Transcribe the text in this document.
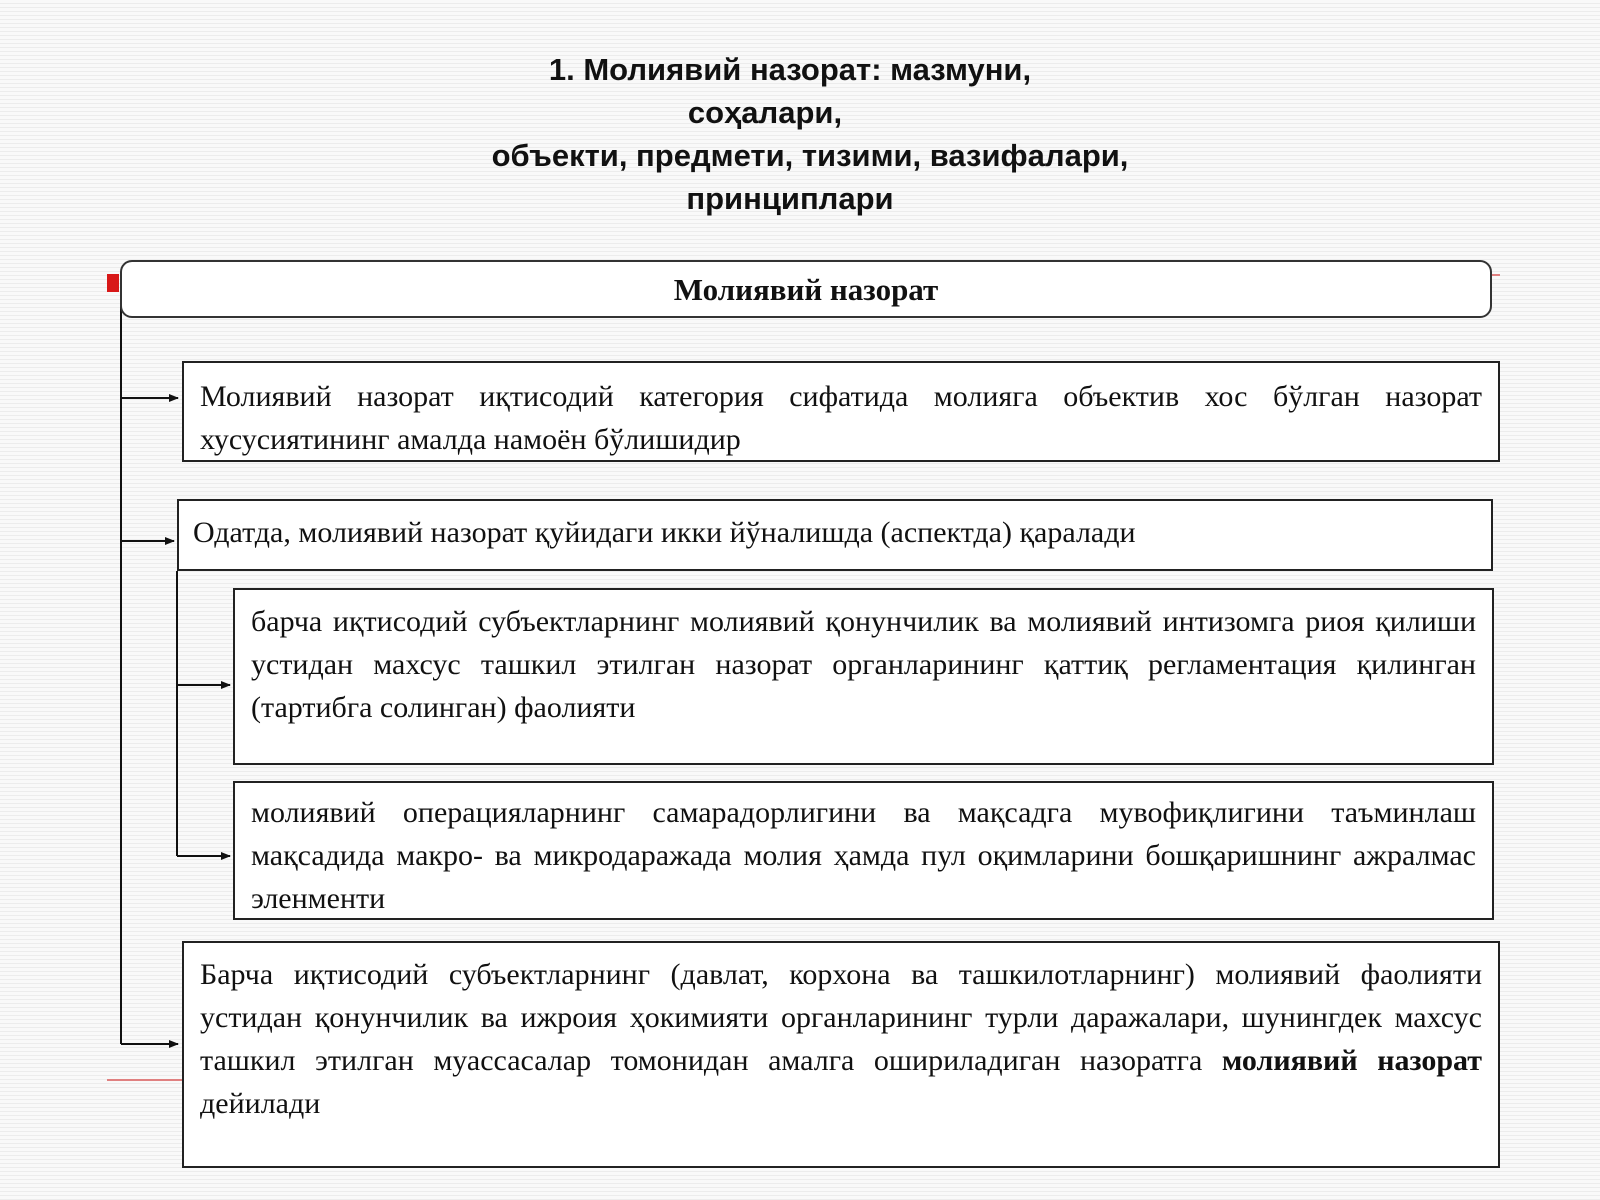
1. Молиявий назорат: мазмуни,
соҳалари,
объекти, предмети, тизими, вазифалари,
принциплари
Молиявий назорат

Молиявий назорат иқтисодий категория сифатида молияга объектив хос бўлган назорат хусусиятининг амалда намоён бўлишидир

Одатда, молиявий назорат қуйидаги икки йўналишда (аспектда) қаралади

барча иқтисодий субъектларнинг молиявий қонунчилик ва молиявий интизомга риоя қилиши устидан махсус ташкил этилган назорат органларининг қаттиқ регламентация қилинган (тартибга солинган) фаолияти

молиявий операцияларнинг самарадорлигини ва мақсадга мувофиқлигини таъминлаш мақсадида макро- ва микродаражада молия ҳамда пул оқимларини бошқаришнинг ажралмас эленменти

Барча иқтисодий субъектларнинг (давлат, корхона ва ташкилотларнинг) молиявий фаолияти устидан қонунчилик ва ижроия ҳокимияти органларининг турли даражалари, шунингдек махсус ташкил этилган муассасалар томонидан амалга ошириладиган назоратга молиявий назорат дейилади
